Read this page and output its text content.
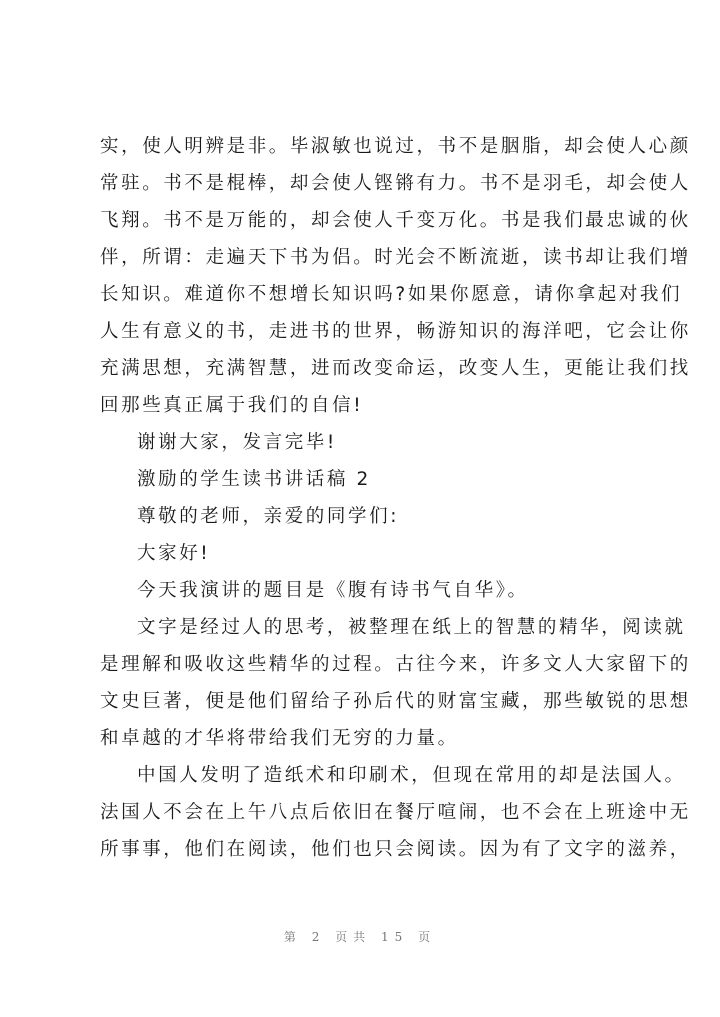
实，使人明辨是非。毕淑敏也说过，书不是胭脂，却会使人心颜
常驻。书不是棍棒，却会使人铿锵有力。书不是羽毛，却会使人
飞翔。书不是万能的，却会使人千变万化。书是我们最忠诚的伙
伴，所谓：走遍天下书为侣。时光会不断流逝，读书却让我们增
长知识。难道你不想增长知识吗?如果你愿意，请你拿起对我们
人生有意义的书，走进书的世界，畅游知识的海洋吧，它会让你
充满思想，充满智慧，进而改变命运，改变人生，更能让我们找
回那些真正属于我们的自信!
谢谢大家，发言完毕!
激励的学生读书讲话稿 2
尊敬的老师，亲爱的同学们:
大家好!
今天我演讲的题目是《腹有诗书气自华》。
文字是经过人的思考，被整理在纸上的智慧的精华，阅读就
是理解和吸收这些精华的过程。古往今来，许多文人大家留下的
文史巨著，便是他们留给子孙后代的财富宝藏，那些敏锐的思想
和卓越的才华将带给我们无穷的力量。
中国人发明了造纸术和印刷术，但现在常用的却是法国人。
法国人不会在上午八点后依旧在餐厅喧闹，也不会在上班途中无
所事事，他们在阅读，他们也只会阅读。因为有了文字的滋养，
第 2 页共 15 页
